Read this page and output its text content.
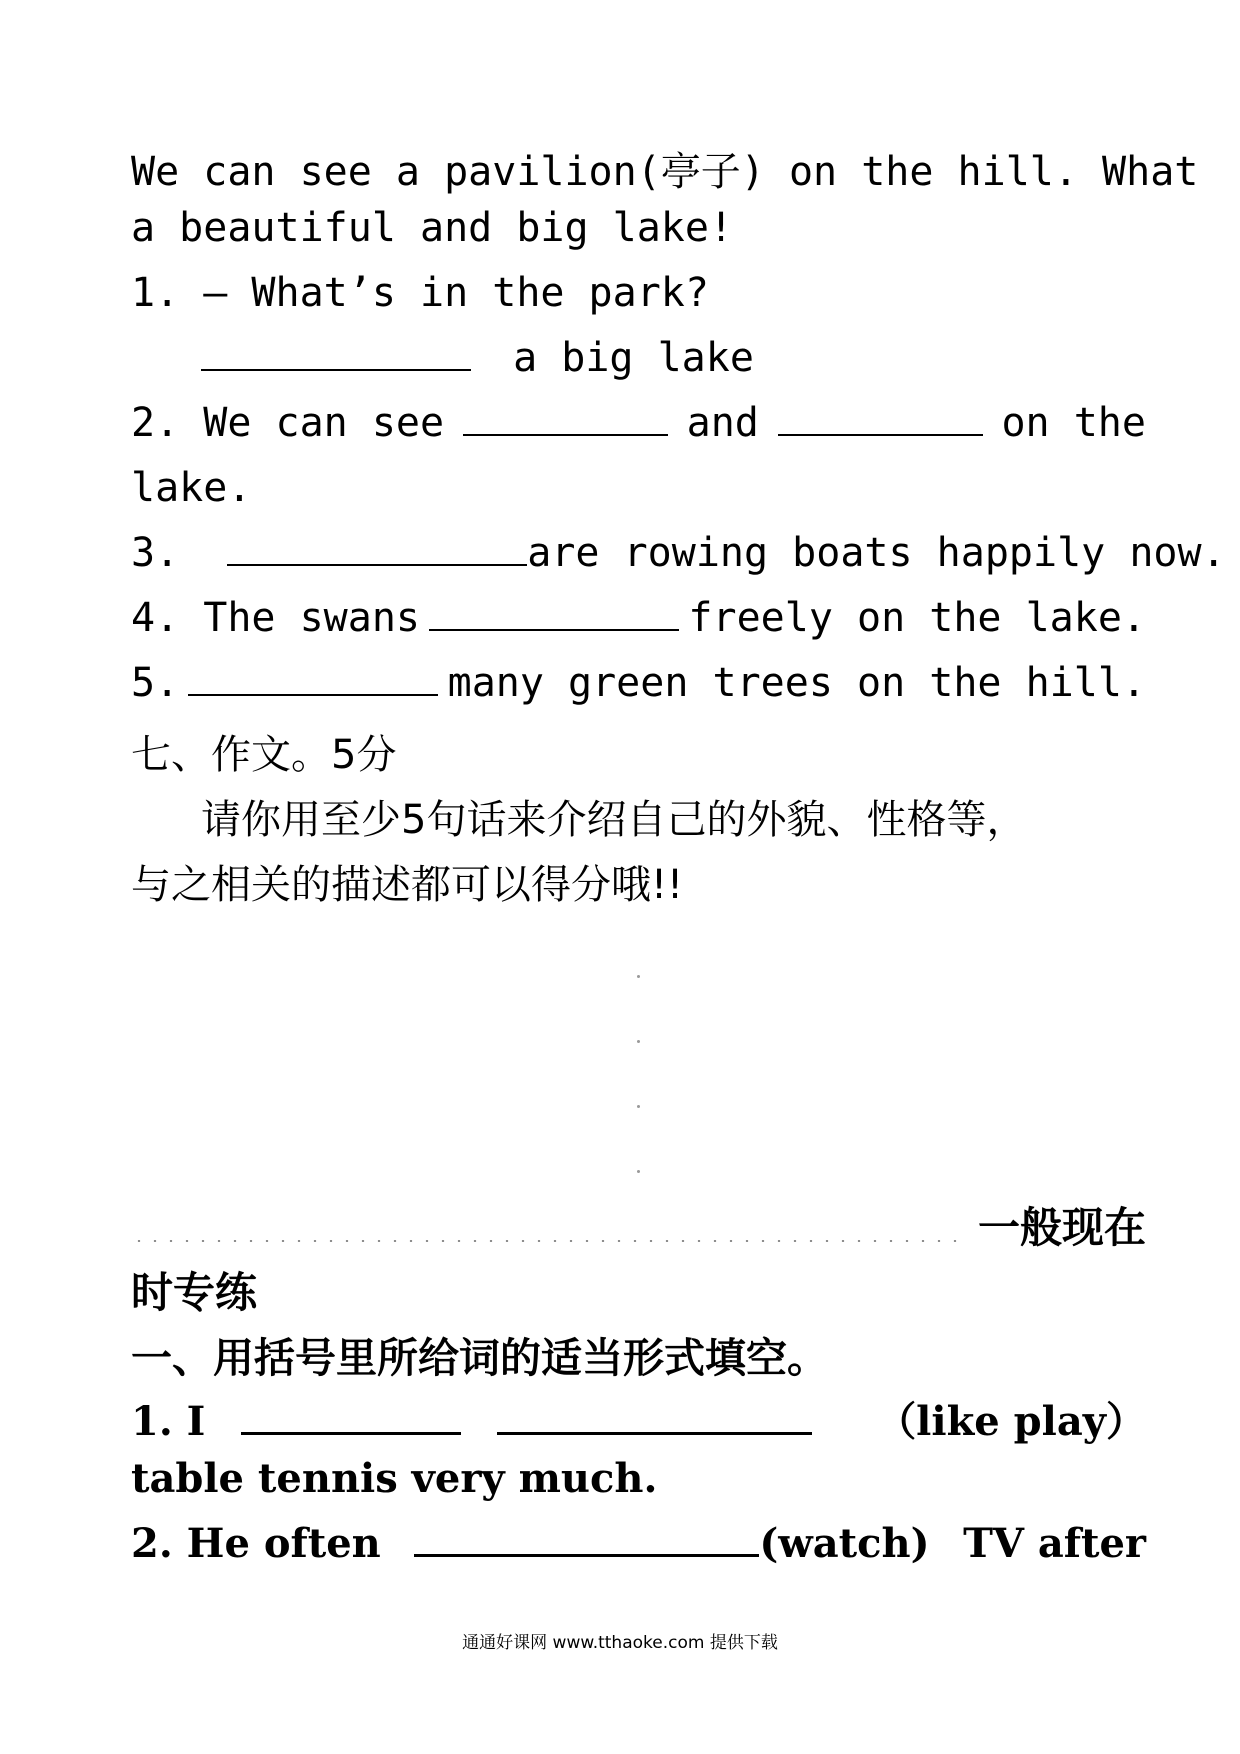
We can see a pavilion(亭子) on the hill. What
a beautiful and big lake!
1. — What’s in the park?
a big lake
2. We can see	and	on the
lake.
3.	are rowing boats happily now.
4. The swans	freely on the lake.
5.	many green trees on the hill.
七、作文。5分
请你用至少5句话来介绍自己的外貌、性格等，
与之相关的描述都可以得分哦!!
一般现在
时专练
一、用括号里所给词的适当形式填空。
1. I	（like play）
table tennis very much.
2. He often	(watch) TV after
通通好课网 www.tthaoke.com 提供下载
